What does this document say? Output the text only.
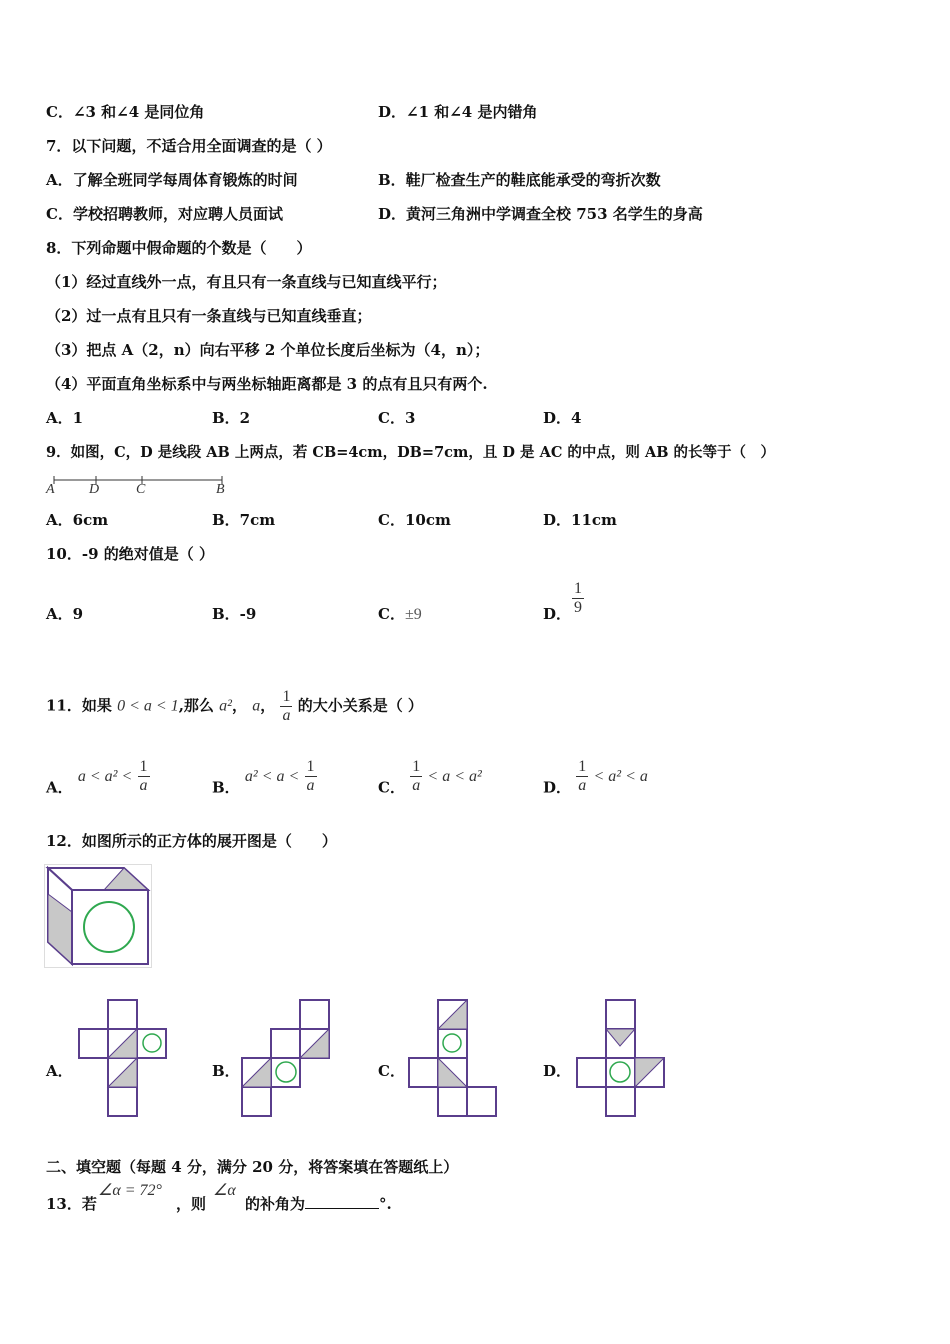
C．∠3 和∠4 是同位角	D．∠1 和∠4 是内错角
7．以下问题，不适合用全面调查的是（ ）
A．了解全班同学每周体育锻炼的时间	B．鞋厂检查生产的鞋底能承受的弯折次数
C．学校招聘教师，对应聘人员面试	D．黄河三角洲中学调查全校 753 名学生的身高
8．下列命题中假命题的个数是（　　）
（1）经过直线外一点，有且只有一条直线与已知直线平行；
（2）过一点有且只有一条直线与已知直线垂直；
（3）把点 A（2，n）向右平移 2 个单位长度后坐标为（4，n）；
（4）平面直角坐标系中与两坐标轴距离都是 3 的点有且只有两个.
A．1	B．2	C．3	D．4
9．如图，C，D 是线段 AB 上两点，若 CB=4cm，DB=7cm，且 D 是 AC 的中点，则 AB 的长等于（　）
A D	C	B
A．6cm	B．7cm	C．10cm	D．11cm
10．-9 的绝对值是（ ）
A．9	B．-9	C．±9	D． $\frac{1}{9}$
11．如果 0 < a < 1,那么 a²， a， $\frac{1}{a}$ 的大小关系是（ ）
A． $a < a^2 < \frac{1}{a}$	B． $a^2 < a < \frac{1}{a}$	C． $\frac{1}{a} < a < a^2$
D． $\frac{1}{a} < a^2 < a$
12．如图所示的正方体的展开图是（　　）
A．	B．	C．	D．
二、填空题（每题 4 分，满分 20 分，将答案填在答题纸上）
13．若
∠α = 72°
，则
∠α
的补角为	°.
